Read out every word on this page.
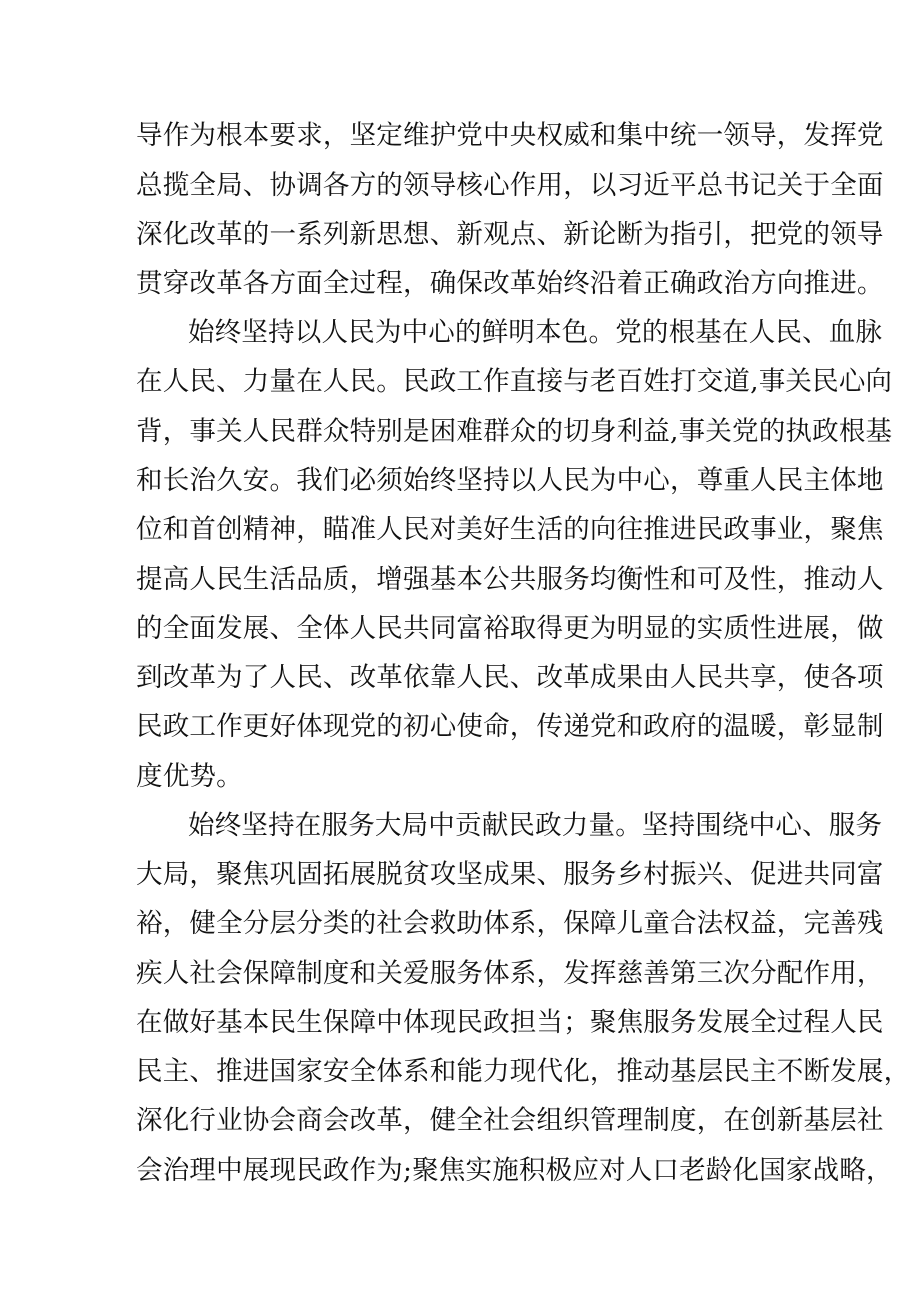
导作为根本要求，坚定维护党中央权威和集中统一领导，发挥党
总揽全局、协调各方的领导核心作用，以习近平总书记关于全面
深化改革的一系列新思想、新观点、新论断为指引，把党的领导
贯穿改革各方面全过程，确保改革始终沿着正确政治方向推进。
始终坚持以人民为中心的鲜明本色。党的根基在人民、血脉
在人民、力量在人民。民政工作直接与老百姓打交道,事关民心向
背，事关人民群众特别是困难群众的切身利益,事关党的执政根基
和长治久安。我们必须始终坚持以人民为中心，尊重人民主体地
位和首创精神，瞄准人民对美好生活的向往推进民政事业，聚焦
提高人民生活品质，增强基本公共服务均衡性和可及性，推动人
的全面发展、全体人民共同富裕取得更为明显的实质性进展，做
到改革为了人民、改革依靠人民、改革成果由人民共享，使各项
民政工作更好体现党的初心使命，传递党和政府的温暖，彰显制
度优势。
始终坚持在服务大局中贡献民政力量。坚持围绕中心、服务
大局，聚焦巩固拓展脱贫攻坚成果、服务乡村振兴、促进共同富
裕，健全分层分类的社会救助体系，保障儿童合法权益，完善残
疾人社会保障制度和关爱服务体系，发挥慈善第三次分配作用，
在做好基本民生保障中体现民政担当；聚焦服务发展全过程人民
民主、推进国家安全体系和能力现代化，推动基层民主不断发展，
深化行业协会商会改革，健全社会组织管理制度，在创新基层社
会治理中展现民政作为;聚焦实施积极应对人口老龄化国家战略，
